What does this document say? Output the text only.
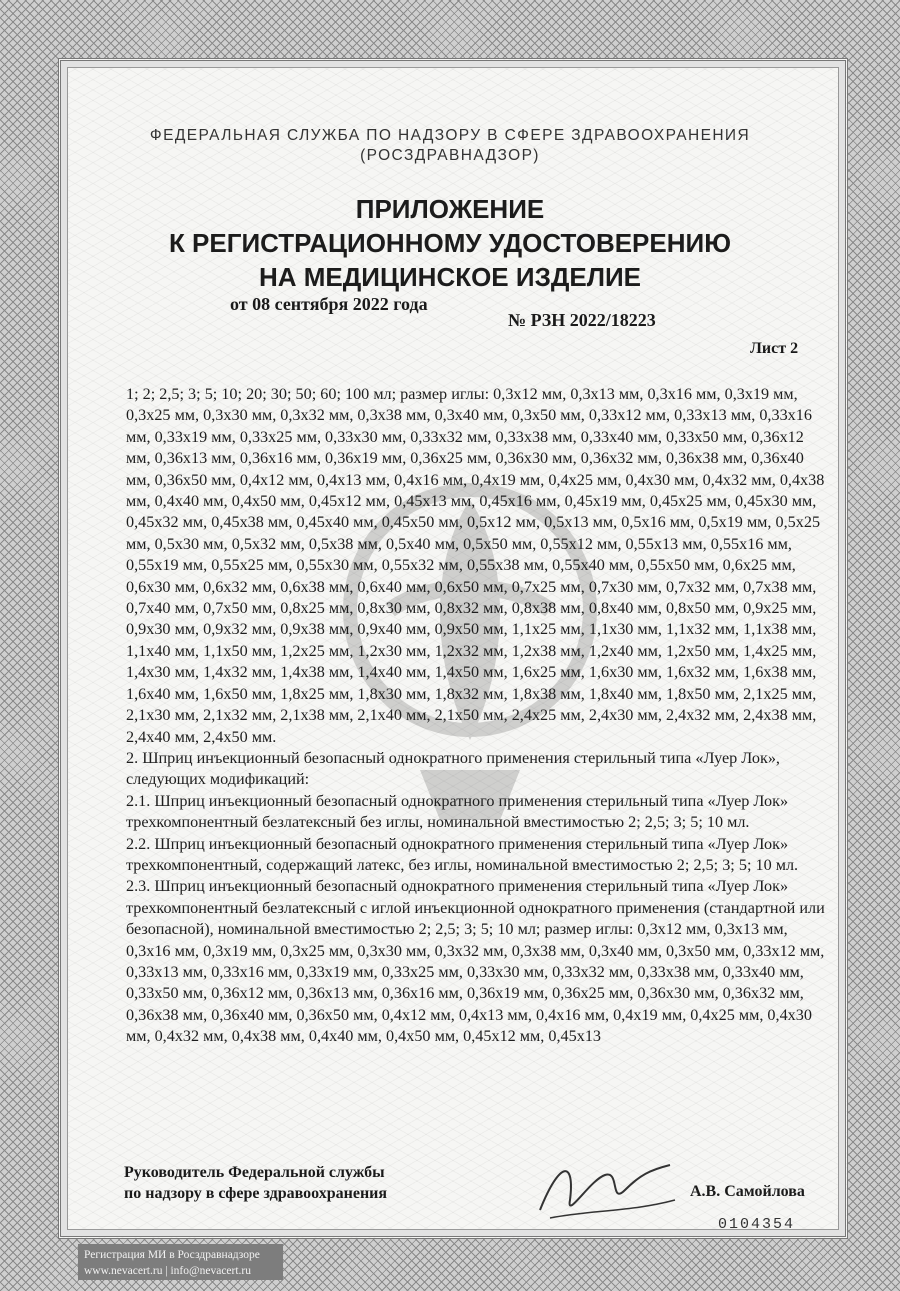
ФЕДЕРАЛЬНАЯ СЛУЖБА ПО НАДЗОРУ В СФЕРЕ ЗДРАВООХРАНЕНИЯ
(РОСЗДРАВНАДЗОР)
ПРИЛОЖЕНИЕ
К РЕГИСТРАЦИОННОМУ УДОСТОВЕРЕНИЮ
НА МЕДИЦИНСКОЕ ИЗДЕЛИЕ
от 08 сентября 2022 года
№ РЗН 2022/18223
Лист 2

1; 2; 2,5; 3; 5; 10; 20; 30; 50; 60; 100 мл; размер иглы: 0,3x12 мм, 0,3x13 мм, 0,3x16 мм, 0,3x19 мм, 0,3x25 мм, 0,3x30 мм, 0,3x32 мм, 0,3x38 мм, 0,3x40 мм, 0,3x50 мм, 0,33x12 мм, 0,33x13 мм, 0,33x16 мм, 0,33x19 мм, 0,33x25 мм, 0,33x30 мм, 0,33x32 мм, 0,33x38 мм, 0,33x40 мм, 0,33x50 мм, 0,36x12 мм, 0,36x13 мм, 0,36x16 мм, 0,36x19 мм, 0,36x25 мм, 0,36x30 мм, 0,36x32 мм, 0,36x38 мм, 0,36x40 мм, 0,36x50 мм, 0,4x12 мм, 0,4x13 мм, 0,4x16 мм, 0,4x19 мм, 0,4x25 мм, 0,4x30 мм, 0,4x32 мм, 0,4x38 мм, 0,4x40 мм, 0,4x50 мм, 0,45x12 мм, 0,45x13 мм, 0,45x16 мм, 0,45x19 мм, 0,45x25 мм, 0,45x30 мм, 0,45x32 мм, 0,45x38 мм, 0,45x40 мм, 0,45x50 мм, 0,5x12 мм, 0,5x13 мм, 0,5x16 мм, 0,5x19 мм, 0,5x25 мм, 0,5x30 мм, 0,5x32 мм, 0,5x38 мм, 0,5x40 мм, 0,5x50 мм, 0,55x12 мм, 0,55x13 мм, 0,55x16 мм, 0,55x19 мм, 0,55x25 мм, 0,55x30 мм, 0,55x32 мм, 0,55x38 мм, 0,55x40 мм, 0,55x50 мм, 0,6x25 мм, 0,6x30 мм, 0,6x32 мм, 0,6x38 мм, 0,6x40 мм, 0,6x50 мм, 0,7x25 мм, 0,7x30 мм, 0,7x32 мм, 0,7x38 мм, 0,7x40 мм, 0,7x50 мм, 0,8x25 мм, 0,8x30 мм, 0,8x32 мм, 0,8x38 мм, 0,8x40 мм, 0,8x50 мм, 0,9x25 мм, 0,9x30 мм, 0,9x32 мм, 0,9x38 мм, 0,9x40 мм, 0,9x50 мм, 1,1x25 мм, 1,1x30 мм, 1,1x32 мм, 1,1x38 мм, 1,1x40 мм, 1,1x50 мм, 1,2x25 мм, 1,2x30 мм, 1,2x32 мм, 1,2x38 мм, 1,2x40 мм, 1,2x50 мм, 1,4x25 мм, 1,4x30 мм, 1,4x32 мм, 1,4x38 мм, 1,4x40 мм, 1,4x50 мм, 1,6x25 мм, 1,6x30 мм, 1,6x32 мм, 1,6x38 мм, 1,6x40 мм, 1,6x50 мм, 1,8x25 мм, 1,8x30 мм, 1,8x32 мм, 1,8x38 мм, 1,8x40 мм, 1,8x50 мм, 2,1x25 мм, 2,1x30 мм, 2,1x32 мм, 2,1x38 мм, 2,1x40 мм, 2,1x50 мм, 2,4x25 мм, 2,4x30 мм, 2,4x32 мм, 2,4x38 мм, 2,4x40 мм, 2,4x50 мм.

2. Шприц инъекционный безопасный однократного применения стерильный типа «Луер Лок», следующих модификаций:

2.1. Шприц инъекционный безопасный однократного применения стерильный типа «Луер Лок» трехкомпонентный безлатексный без иглы, номинальной вместимостью 2; 2,5; 3; 5; 10 мл.

2.2. Шприц инъекционный безопасный однократного применения стерильный типа «Луер Лок» трехкомпонентный, содержащий латекс, без иглы, номинальной вместимостью 2; 2,5; 3; 5; 10 мл.

2.3. Шприц инъекционный безопасный однократного применения стерильный типа «Луер Лок» трехкомпонентный безлатексный с иглой инъекционной однократного применения (стандартной или безопасной), номинальной вместимостью 2; 2,5; 3; 5; 10 мл; размер иглы: 0,3x12 мм, 0,3x13 мм, 0,3x16 мм, 0,3x19 мм, 0,3x25 мм, 0,3x30 мм, 0,3x32 мм, 0,3x38 мм, 0,3x40 мм, 0,3x50 мм, 0,33x12 мм, 0,33x13 мм, 0,33x16 мм, 0,33x19 мм, 0,33x25 мм, 0,33x30 мм, 0,33x32 мм, 0,33x38 мм, 0,33x40 мм, 0,33x50 мм, 0,36x12 мм, 0,36x13 мм, 0,36x16 мм, 0,36x19 мм, 0,36x25 мм, 0,36x30 мм, 0,36x32 мм, 0,36x38 мм, 0,36x40 мм, 0,36x50 мм, 0,4x12 мм, 0,4x13 мм, 0,4x16 мм, 0,4x19 мм, 0,4x25 мм, 0,4x30 мм, 0,4x32 мм, 0,4x38 мм, 0,4x40 мм, 0,4x50 мм, 0,45x12 мм, 0,45x13

Руководитель Федеральной службы
по надзору в сфере здравоохранения	А.В. Самойлова
0104354
Регистрация МИ в Росздравнадзоре
www.nevacert.ru | info@nevacert.ru
